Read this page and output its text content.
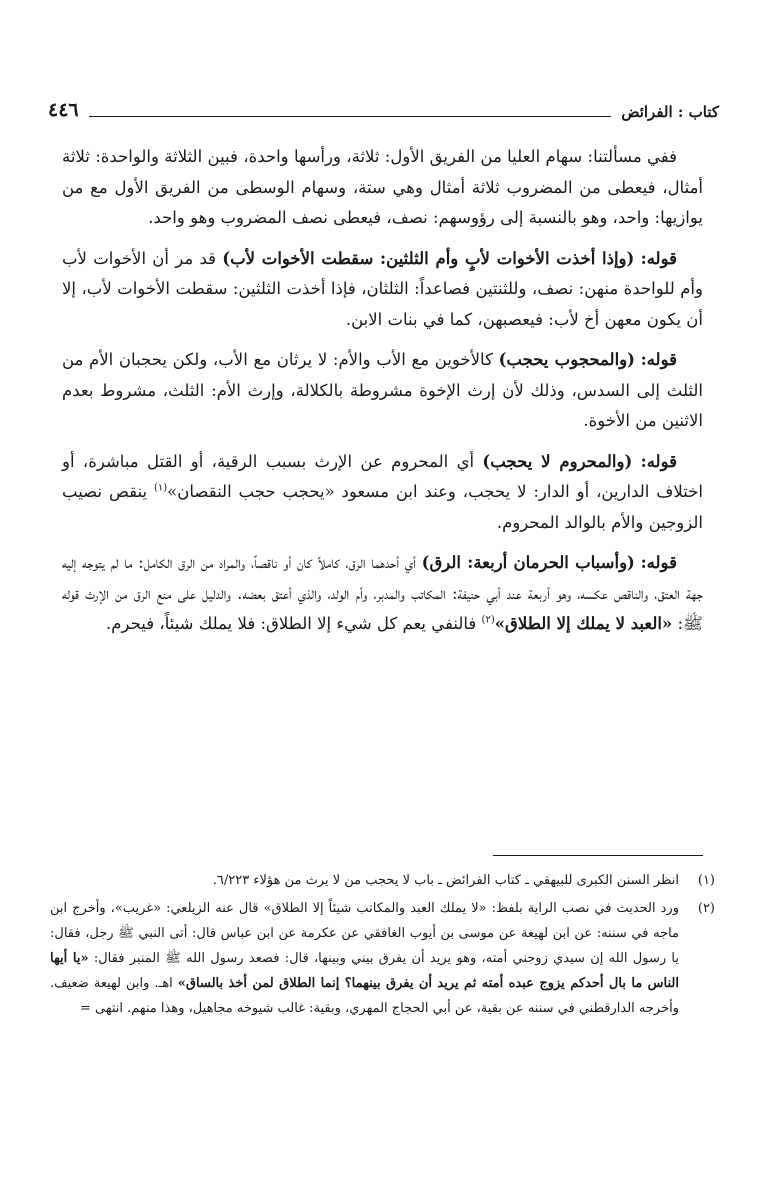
كتاب : الفرائض
٤٤٦

ففي مسألتنا: سهام العليا من الفريق الأول: ثلاثة، ورأسها واحدة، فبين الثلاثة والواحدة: ثلاثة أمثال، فيعطى من المضروب ثلاثة أمثال وهي ستة، وسهام الوسطى من الفريق الأول مع من يوازيها: واحد، وهو بالنسبة إلى رؤوسهم: نصف، فيعطى نصف المضروب وهو واحد.

قوله: (وإذا أخذت الأخوات لأبٍ وأم الثلثين: سقطت الأخوات لأب) قد مر أن الأخوات لأب وأم للواحدة منهن: نصف، وللثنتين فصاعداً: الثلثان، فإذا أخذت الثلثين: سقطت الأخوات لأب، إلا أن يكون معهن أخ لأب: فيعصبهن، كما في بنات الابن.

قوله: (والمحجوب يحجب) كالأخوين مع الأب والأم: لا يرثان مع الأب، ولكن يحجبان الأم من الثلث إلى السدس، وذلك لأن إرث الإخوة مشروطة بالكلالة، وإرث الأم: الثلث، مشروط بعدم الاثنين من الأخوة.

قوله: (والمحروم لا يحجب) أي المحروم عن الإرث بسبب الرقية، أو القتل مباشرة، أو اختلاف الدارين، أو الدار: لا يحجب، وعند ابن مسعود «يحجب حجب النقصان»$^{(١)}$ ينقص نصيب الزوجين والأم بالوالد المحروم.

قوله: (وأسباب الحرمان أربعة: الرق) أي أحدهما الرق، كاملاً كان أو ناقصاً، والمراد من الرق الكامل: ما لم يتوجه إليه جهة العتق، والناقص عكسه، وهو أربعة عند أبي حنيفة: المكاتب والمدبر، وأم الولد، والذي أعتق بعضه. والدليل على منع الرق من الإرث قوله ﷺ: «العبد لا يملك إلا الطلاق»$^{(٢)}$ فالنفي يعم كل شيء إلا الطلاق: فلا يملك شيئاً، فيحرم.

(١)
انظر السنن الكبرى للبيهقي ـ كتاب الفرائض ـ باب لا يحجب من لا يرث من هؤلاء ٦/٢٢٣.
(٢)
ورد الحديث في نصب الراية بلفظ: «لا يملك العبد والمكاتب شيئاً إلا الطلاق» قال عنه الزيلعي: «غريب»، وأخرج ابن ماجه في سننه: عن ابن لهيعة عن موسى بن أيوب الغافقي عن عكرمة عن ابن عباس قال: أتى النبي ﷺ رجل، فقال: يا رسول الله إن سيدي زوجني أمته، وهو يريد أن يفرق بيني وبينها، قال: فصعد رسول الله ﷺ المنبر فقال: «يا أيها الناس ما بال أحدكم يزوج عبده أمته ثم يريد أن يفرق بينهما؟ إنما الطلاق لمن أخذ بالساق» اهـ. وابن لهيعة ضعيف. وأخرجه الدارقطني في سننه عن بقية، عن أبي الحجاج المهري، وبقية: غالب شيوخه مجاهيل، وهذا منهم. انتهى =
